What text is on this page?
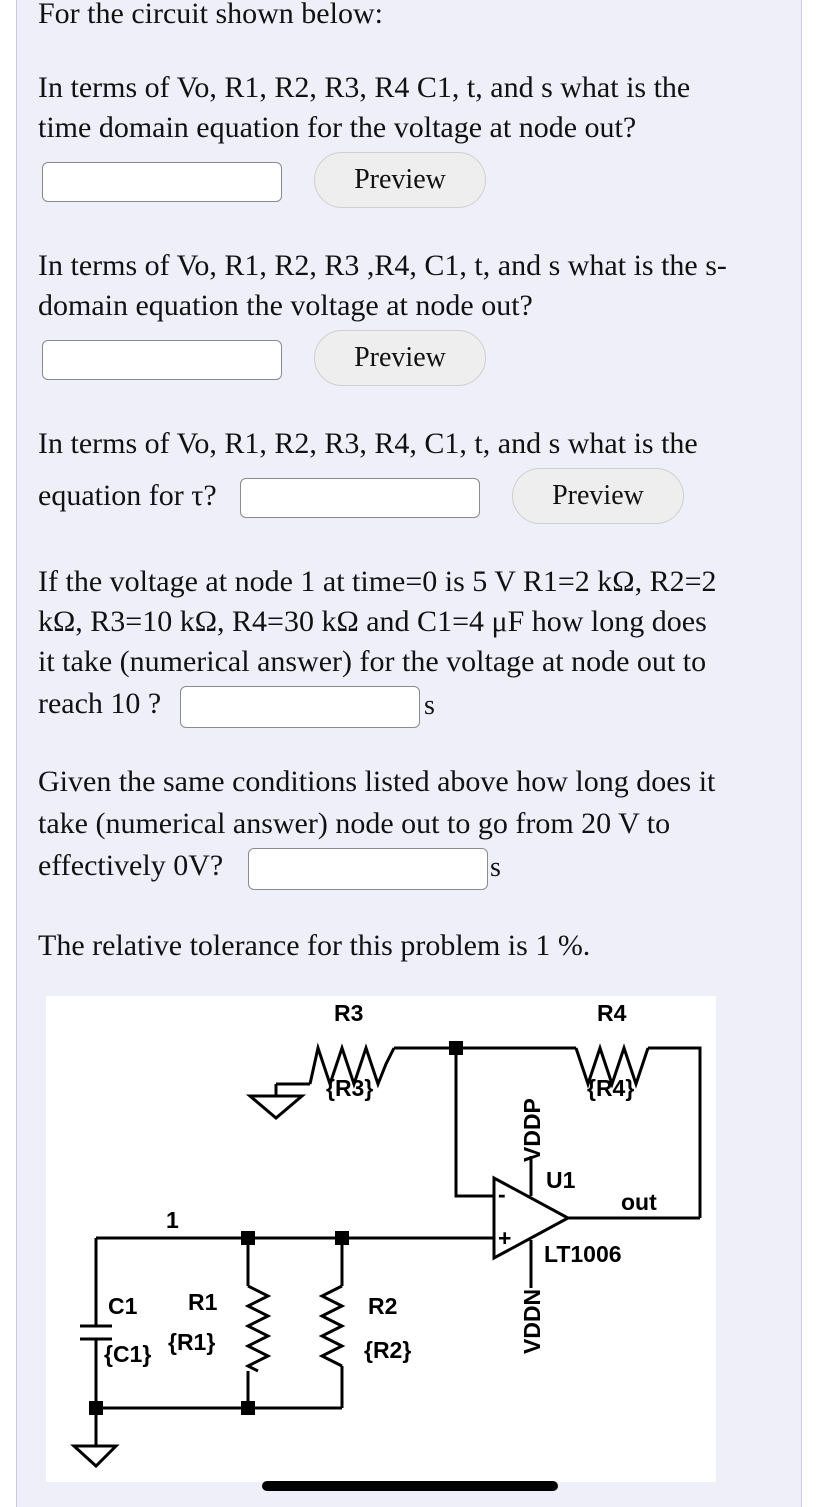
For the circuit shown below:

In terms of Vo, R1, R2, R3, R4 C1, t, and s what is the

time domain equation for the voltage at node out?

Preview

In terms of Vo, R1, R2, R3 ,R4, C1, t, and s what is the s-

domain equation the voltage at node out?

Preview

In terms of Vo, R1, R2, R3, R4, C1, t, and s what is the

equation for τ?	Preview

If the voltage at node 1 at time=0 is 5 V R1=2 kΩ, R2=2

kΩ, R3=10 kΩ, R4=30 kΩ and C1=4 μF how long does

it take (numerical answer) for the voltage at node out to

reach 10 ?	s

Given the same conditions listed above how long does it

take (numerical answer) node out to go from 20 V to

effectively 0V?	s

The relative tolerance for this problem is 1 %.

R3
{R3}
R4
{R4}
U1
out
LT1006
VDDP
VDDN
-
+
1
C1
{C1}
R1
{R1}
R2
{R2}
